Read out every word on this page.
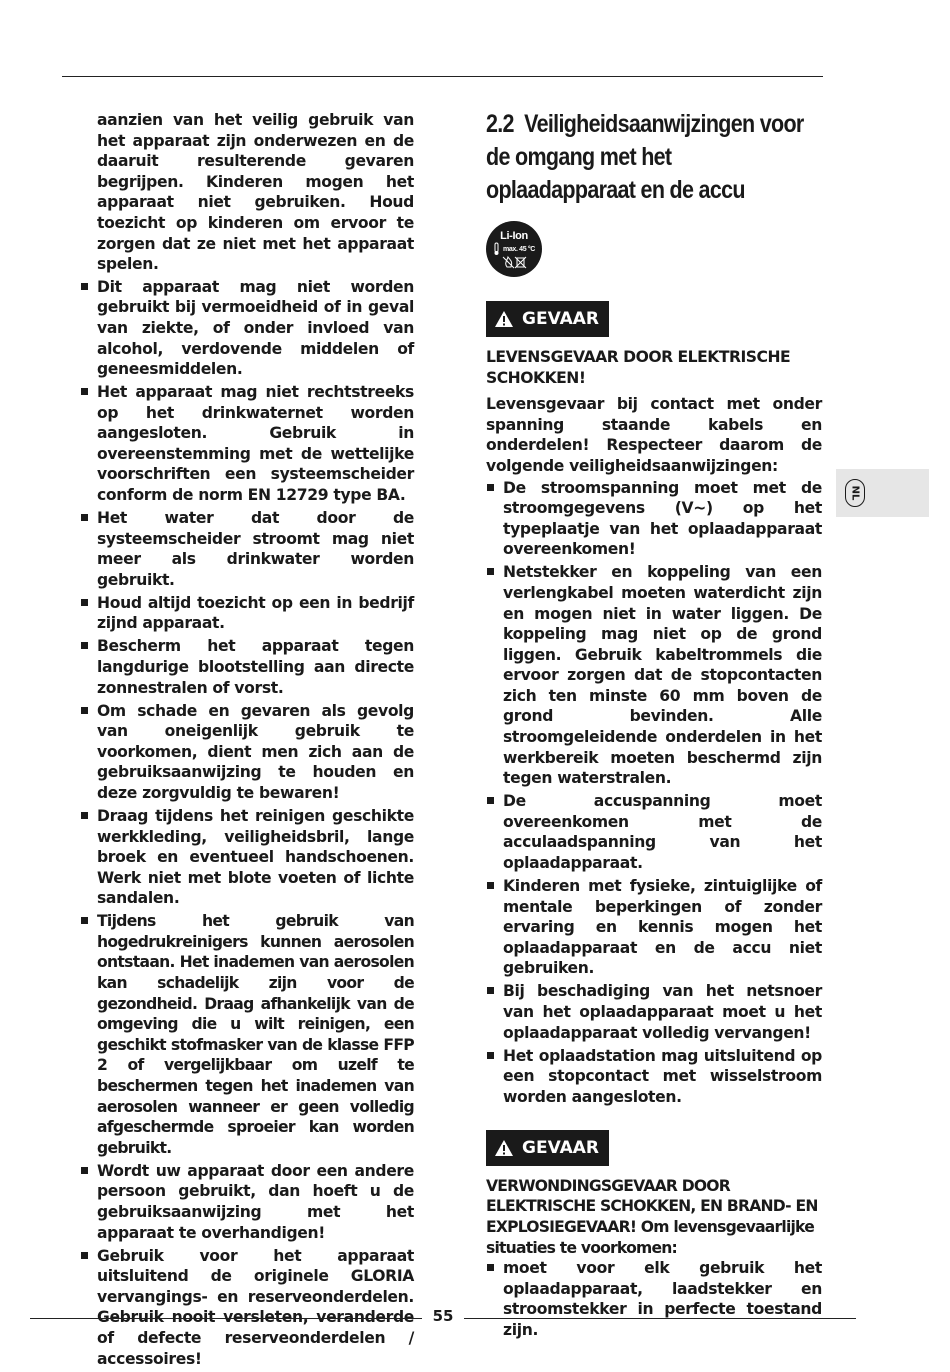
aanzien van het veilig gebruik van het apparaat zijn onderwezen en de daaruit resulterende gevaren begrijpen. Kinderen mogen het apparaat niet gebruiken. Houd toezicht op kinderen om ervoor te zorgen dat ze niet met het apparaat spelen.

Dit apparaat mag niet worden gebruikt bij vermoeidheid of in geval van ziekte, of onder invloed van alcohol, verdovende middelen of geneesmiddelen.
Het apparaat mag niet rechtstreeks op het drinkwaternet worden aangesloten. Gebruik in overeenstemming met de wettelijke voorschriften een systeemscheider conform de norm EN 12729 type BA.
Het water dat door de systeemscheider stroomt mag niet meer als drinkwater worden gebruikt.
Houd altijd toezicht op een in bedrijf zijnd apparaat.
Bescherm het apparaat tegen langdurige blootstelling aan directe zonnestralen of vorst.
Om schade en gevaren als gevolg van oneigenlijk gebruik te voorkomen, dient men zich aan de gebruiksaanwijzing te houden en deze zorgvuldig te bewaren!
Draag tijdens het reinigen geschikte werkkleding, veiligheidsbril, lange broek en eventueel handschoenen. Werk niet met blote voeten of lichte sandalen.
Tijdens het gebruik van hogedrukreinigers kunnen aerosolen ontstaan. Het inademen van aerosolen kan schadelijk zijn voor de gezondheid. Draag afhankelijk van de omgeving die u wilt reinigen, een geschikt stofmasker van de klasse FFP 2 of vergelijkbaar om uzelf te beschermen tegen het inademen van aerosolen wanneer er geen volledig afgeschermde sproeier kan worden gebruikt.
Wordt uw apparaat door een andere persoon gebruikt, dan hoeft u de gebruiksaanwijzing met het apparaat te overhandigen!
Gebruik voor het apparaat uitsluitend de originele GLORIA vervangings- en reserveonderdelen. Gebruik nooit versleten, veranderde of defecte reserveonderdelen / accessoires!
2.2 Veiligheidsaanwijzingen voor de omgang met het oplaadapparaat en de accu
Li-Ion
max. 45 °C
GEVAAR

LEVENSGEVAAR DOOR ELEKTRISCHE SCHOKKEN!

Levensgevaar bij contact met onder spanning staande kabels en onderdelen! Respecteer daarom de volgende veiligheidsaanwijzingen:

De stroomspanning moet met de stroomgegevens (V~) op het typeplaatje van het oplaadapparaat overeenkomen!
Netstekker en koppeling van een verlengkabel moeten waterdicht zijn en mogen niet in water liggen. De koppeling mag niet op de grond liggen. Gebruik kabeltrommels die ervoor zorgen dat de stopcontacten zich ten minste 60 mm boven de grond bevinden. Alle stroomgeleidende onderdelen in het werkbereik moeten beschermd zijn tegen waterstralen.
De accuspanning moet overeenkomen met de acculaadspanning van het oplaadapparaat.
Kinderen met fysieke, zintuiglijke of mentale beperkingen of zonder ervaring en kennis mogen het oplaadapparaat en de accu niet gebruiken.
Bij beschadiging van het netsnoer van het oplaadapparaat moet u het oplaadapparaat volledig vervangen!
Het oplaadstation mag uitsluitend op een stopcontact met wisselstroom worden aangesloten.
GEVAAR

VERWONDINGSGEVAAR DOOR ELEKTRISCHE SCHOKKEN, EN BRAND- EN EXPLOSIEGEVAAR! Om levensgevaarlijke situaties te voorkomen:

moet voor elk gebruik het oplaadapparaat, laadstekker en stroomstekker in perfecte toestand zijn.
NL
55
